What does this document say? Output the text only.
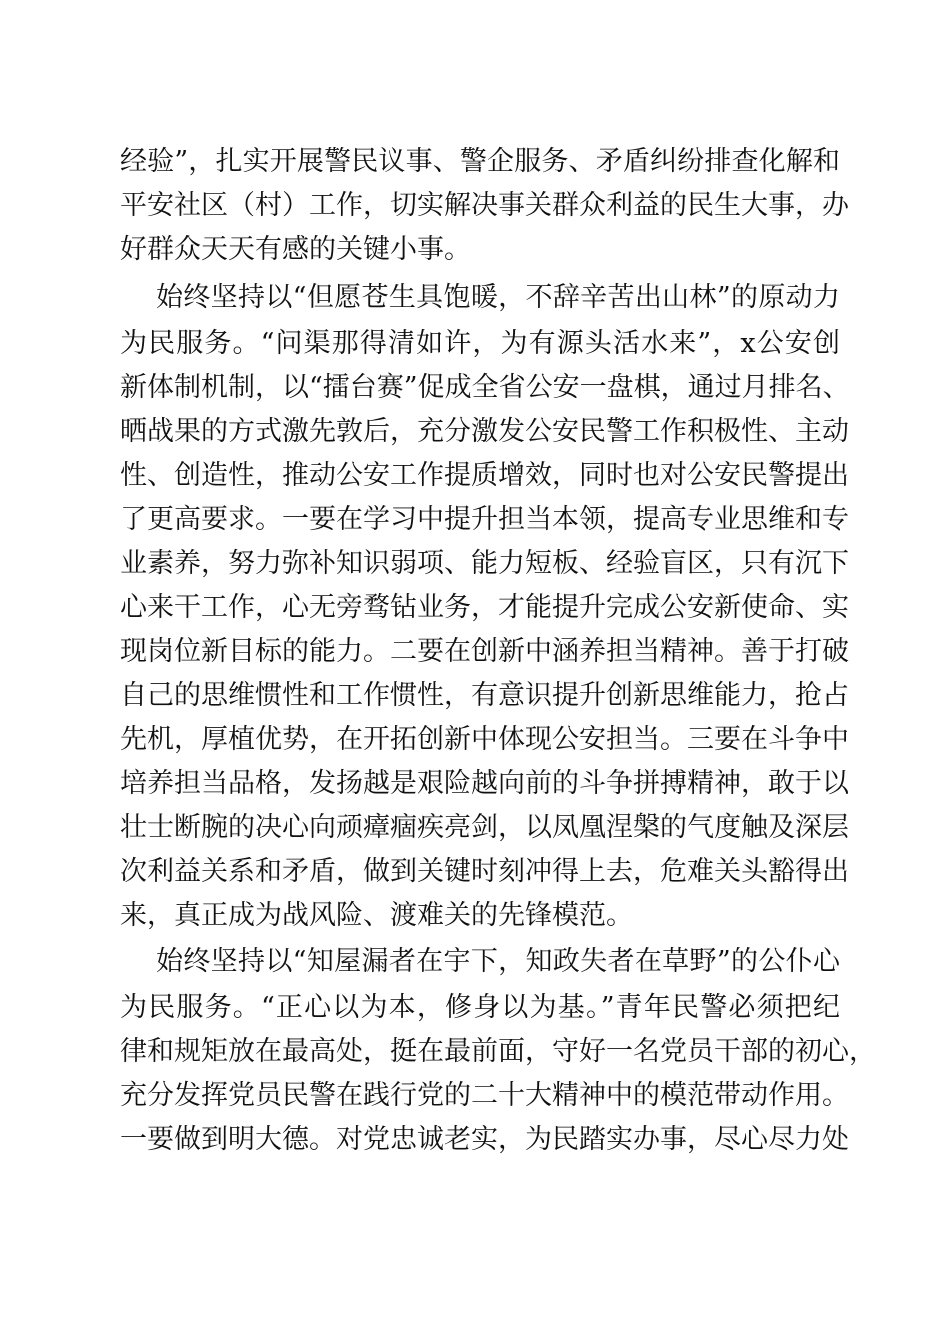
经验”，扎实开展警民议事、警企服务、矛盾纠纷排查化解和
平安社区（村）工作，切实解决事关群众利益的民生大事，办
好群众天天有感的关键小事。
始终坚持以“但愿苍生具饱暖，不辞辛苦出山林”的原动力
为民服务。“问渠那得清如许，为有源头活水来”，x公安创
新体制机制，以“擂台赛”促成全省公安一盘棋，通过月排名、
晒战果的方式激先敦后，充分激发公安民警工作积极性、主动
性、创造性，推动公安工作提质增效，同时也对公安民警提出
了更高要求。一要在学习中提升担当本领，提高专业思维和专
业素养，努力弥补知识弱项、能力短板、经验盲区，只有沉下
心来干工作，心无旁骛钻业务，才能提升完成公安新使命、实
现岗位新目标的能力。二要在创新中涵养担当精神。善于打破
自己的思维惯性和工作惯性，有意识提升创新思维能力，抢占
先机，厚植优势，在开拓创新中体现公安担当。三要在斗争中
培养担当品格，发扬越是艰险越向前的斗争拼搏精神，敢于以
壮士断腕的决心向顽瘴痼疾亮剑，以凤凰涅槃的气度触及深层
次利益关系和矛盾，做到关键时刻冲得上去，危难关头豁得出
来，真正成为战风险、渡难关的先锋模范。
始终坚持以“知屋漏者在宇下，知政失者在草野”的公仆心
为民服务。“正心以为本，修身以为基。”青年民警必须把纪
律和规矩放在最高处，挺在最前面，守好一名党员干部的初心，
充分发挥党员民警在践行党的二十大精神中的模范带动作用。
一要做到明大德。对党忠诚老实，为民踏实办事，尽心尽力处
